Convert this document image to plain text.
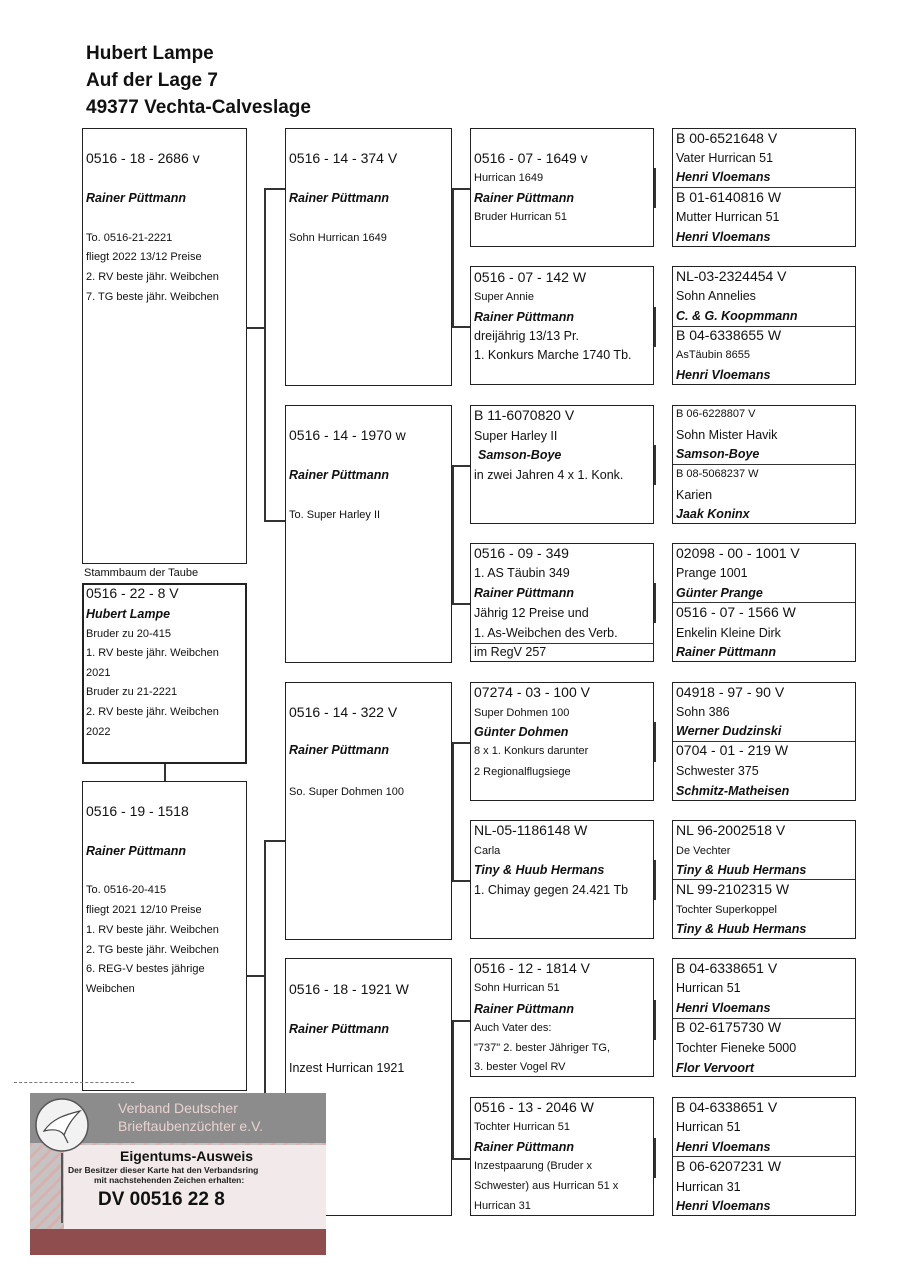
Hubert Lampe
Auf der Lage 7
49377 Vechta-Calveslage
0516 - 18 - 2686 v
Rainer Püttmann
To. 0516-21-2221
fliegt 2022 13/12 Preise
2. RV beste jähr. Weibchen
7. TG beste jähr. Weibchen
Stammbaum der Taube
0516 - 22 - 8 V
Hubert Lampe
Bruder zu 20-415
1. RV beste jähr. Weibchen
2021
Bruder zu 21-2221
2. RV beste jähr. Weibchen
2022
0516 - 19 - 1518
Rainer Püttmann
To. 0516-20-415
fliegt 2021 12/10 Preise
1. RV beste jähr. Weibchen
2. TG beste jähr. Weibchen
6. REG-V bestes jährige
Weibchen
0516 - 14 - 374 V
Rainer Püttmann
Sohn Hurrican 1649
0516 - 14 - 1970 w
Rainer Püttmann
To. Super Harley II
0516 - 14 - 322 V
Rainer Püttmann
So. Super Dohmen 100
0516 - 18 - 1921 W
Rainer Püttmann
Inzest Hurrican 1921
0516 - 07 - 1649 v
Hurrican 1649
Rainer Püttmann
Bruder Hurrican 51
0516 - 07 - 142 W
Super Annie
Rainer Püttmann
dreijährig 13/13 Pr.
1. Konkurs Marche 1740 Tb.
B 11-6070820 V
Super Harley II
Samson-Boye
in zwei Jahren 4 x 1. Konk.
0516 - 09 - 349
1. AS Täubin 349
Rainer Püttmann
Jährig 12 Preise und
1. As-Weibchen des Verb.
im RegV 257
07274 - 03 - 100 V
Super Dohmen 100
Günter Dohmen
8 x 1. Konkurs darunter
2 Regionalflugsiege
NL-05-1186148 W
Carla
Tiny & Huub Hermans
1. Chimay gegen 24.421 Tb
0516 - 12 - 1814 V
Sohn Hurrican 51
Rainer Püttmann
Auch Vater des:
"737" 2. bester Jähriger TG,
3. bester Vogel RV
0516 - 13 - 2046 W
Tochter Hurrican 51
Rainer Püttmann
Inzestpaarung (Bruder x
Schwester) aus Hurrican 51 x
Hurrican 31
B 00-6521648 V
Vater Hurrican 51
Henri Vloemans
B 01-6140816 W
Mutter Hurrican 51
Henri Vloemans
NL-03-2324454 V
Sohn Annelies
C. & G. Koopmmann
B 04-6338655 W
AsTäubin 8655
Henri Vloemans
B 06-6228807 V
Sohn Mister Havik
Samson-Boye
B 08-5068237 W
Karien
Jaak Koninx
02098 - 00 - 1001 V
Prange 1001
Günter Prange
0516 - 07 - 1566 W
Enkelin Kleine Dirk
Rainer Püttmann
04918 - 97 - 90 V
Sohn 386
Werner Dudzinski
0704 - 01 - 219 W
Schwester 375
Schmitz-Matheisen
NL 96-2002518 V
De Vechter
Tiny & Huub Hermans
NL 99-2102315 W
Tochter Superkoppel
Tiny & Huub Hermans
B 04-6338651 V
Hurrican 51
Henri Vloemans
B 02-6175730 W
Tochter Fieneke 5000
Flor Vervoort
B 04-6338651 V
Hurrican 51
Henri Vloemans
B 06-6207231 W
Hurrican 31
Henri Vloemans
Verband Deutscher
Brieftaubenzüchter e.V.
Eigentums-Ausweis
Der Besitzer dieser Karte hat den Verbandsring
mit nachstehenden Zeichen erhalten:
DV 00516 22 8
